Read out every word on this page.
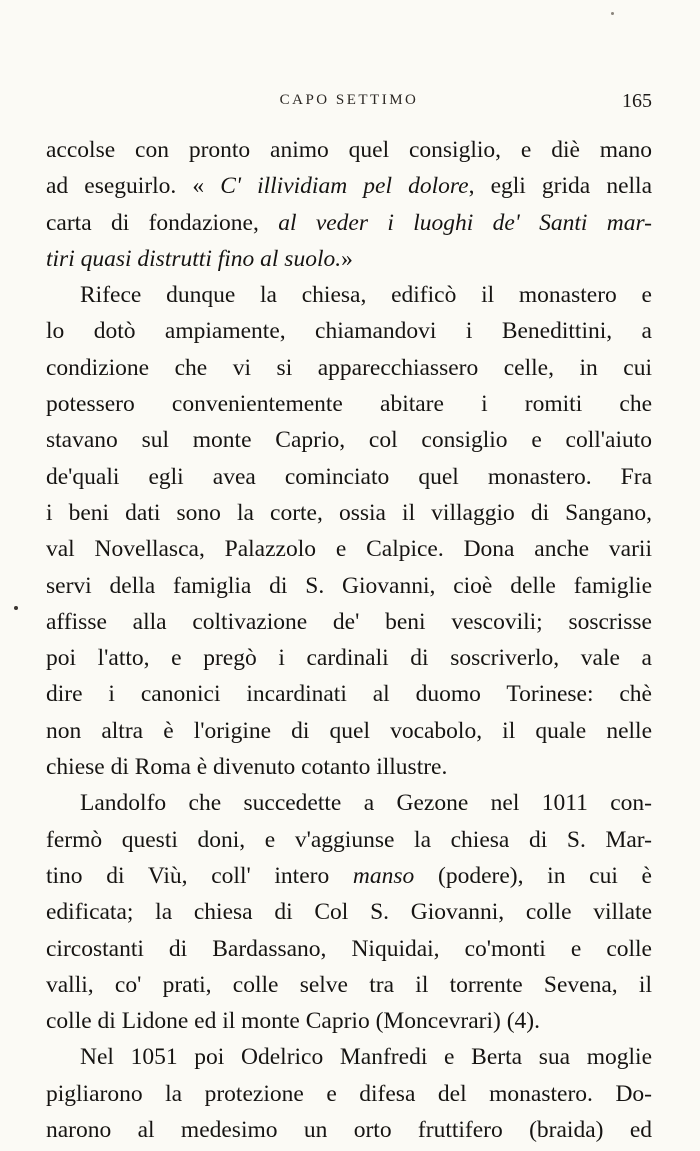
CAPO SETTIMO	165
accolse con pronto animo quel consiglio, e diè mano
ad eseguirlo. « C' illividiam pel dolore, egli grida nella
carta di fondazione, al veder i luoghi de' Santi mar-
tiri quasi distrutti fino al suolo.»
Rifece dunque la chiesa, edificò il monastero e
lo dotò ampiamente, chiamandovi i Benedittini, a
condizione che vi si apparecchiassero celle, in cui
potessero convenientemente abitare i romiti che
stavano sul monte Caprio, col consiglio e coll'aiuto
de'quali egli avea cominciato quel monastero. Fra
i beni dati sono la corte, ossia il villaggio di Sangano,
val Novellasca, Palazzolo e Calpice. Dona anche varii
servi della famiglia di S. Giovanni, cioè delle famiglie
affisse alla coltivazione de' beni vescovili; soscrisse
poi l'atto, e pregò i cardinali di soscriverlo, vale a
dire i canonici incardinati al duomo Torinese: chè
non altra è l'origine di quel vocabolo, il quale nelle
chiese di Roma è divenuto cotanto illustre.
Landolfo che succedette a Gezone nel 1011 con-
fermò questi doni, e v'aggiunse la chiesa di S. Mar-
tino di Viù, coll' intero manso (podere), in cui è
edificata; la chiesa di Col S. Giovanni, colle villate
circostanti di Bardassano, Niquidai, co'monti e colle
valli, co' prati, colle selve tra il torrente Sevena, il
colle di Lidone ed il monte Caprio (Moncevrari) (4).
Nel 1051 poi Odelrico Manfredi e Berta sua moglie
pigliarono la protezione e difesa del monastero. Do-
narono al medesimo un orto fruttifero (braida) ed
